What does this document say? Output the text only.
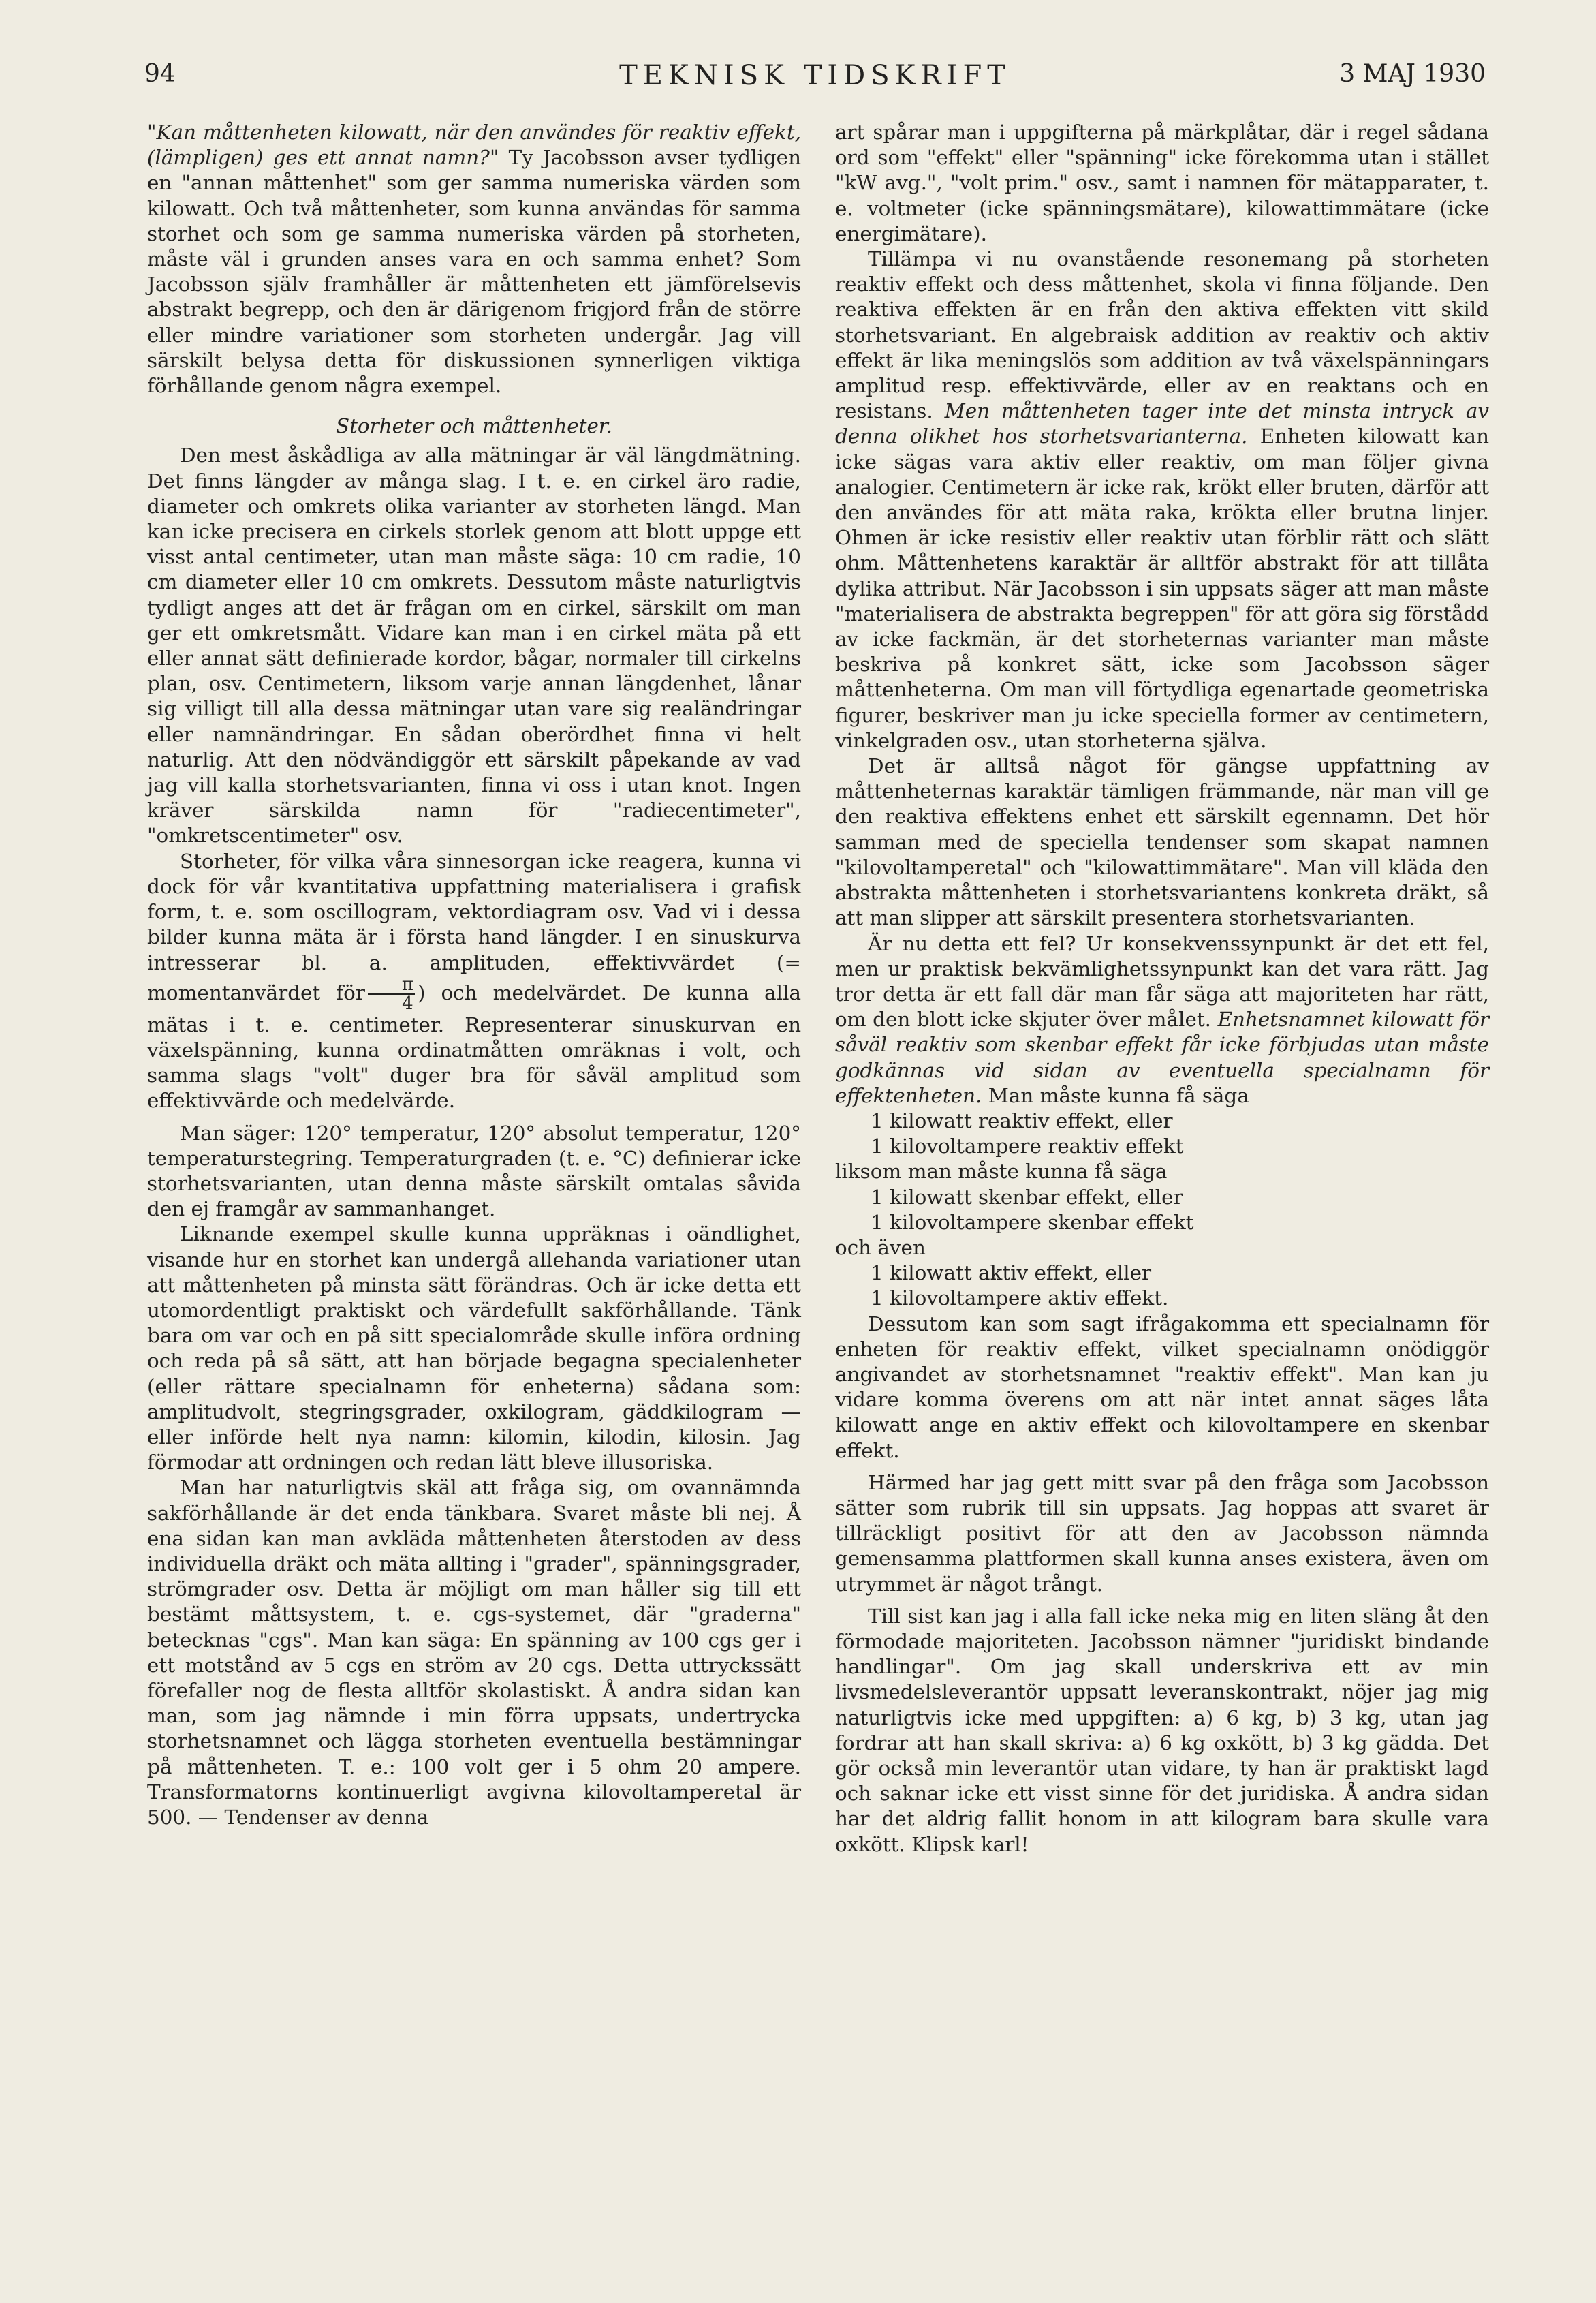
94	TEKNISK TIDSKRIFT	3 MAJ 1930

"Kan måttenheten kilowatt, när den användes för reaktiv effekt, (lämpligen) ges ett annat namn?" Ty Jacobsson avser tydligen en "annan måttenhet" som ger samma numeriska värden som kilowatt. Och två måttenheter, som kunna användas för samma storhet och som ge samma numeriska värden på storheten, måste väl i grunden anses vara en och samma enhet? Som Jacobsson själv framhåller är måttenheten ett jämförelsevis abstrakt begrepp, och den är därigenom frigjord från de större eller mindre variationer som storheten undergår. Jag vill särskilt belysa detta för diskussionen synnerligen viktiga förhållande genom några exempel.

Storheter och måttenheter.

Den mest åskådliga av alla mätningar är väl längdmätning. Det finns längder av många slag. I t. e. en cirkel äro radie, diameter och omkrets olika varianter av storheten längd. Man kan icke precisera en cirkels storlek genom att blott uppge ett visst antal centimeter, utan man måste säga: 10 cm radie, 10 cm diameter eller 10 cm omkrets. Dessutom måste naturligtvis tydligt anges att det är frågan om en cirkel, särskilt om man ger ett omkretsmått. Vidare kan man i en cirkel mäta på ett eller annat sätt definierade kordor, bågar, normaler till cirkelns plan, osv. Centimetern, liksom varje annan längdenhet, lånar sig villigt till alla dessa mätningar utan vare sig realändringar eller namnändringar. En sådan oberördhet finna vi helt naturlig. Att den nödvändiggör ett särskilt påpekande av vad jag vill kalla storhetsvarianten, finna vi oss i utan knot. Ingen kräver särskilda namn för "radiecentimeter", "omkretscentimeter" osv.

Storheter, för vilka våra sinnesorgan icke reagera, kunna vi dock för vår kvantitativa uppfattning materialisera i grafisk form, t. e. som oscillogram, vektordiagram osv. Vad vi i dessa bilder kunna mäta är i första hand längder. I en sinuskurva intresserar bl. a. amplituden, effektivvärdet (= momentanvärdet för $\frac{\pi}{4}$ ) och medelvärdet. De kunna alla mätas i t. e. centimeter. Representerar sinuskurvan en växelspänning, kunna ordinatmåtten omräknas i volt, och samma slags "volt" duger bra för såväl amplitud som effektivvärde och medelvärde.

Man säger: 120° temperatur, 120° absolut temperatur, 120° temperaturstegring. Temperaturgraden (t. e. °C) definierar icke storhetsvarianten, utan denna måste särskilt omtalas såvida den ej framgår av sammanhanget.

Liknande exempel skulle kunna uppräknas i oändlighet, visande hur en storhet kan undergå allehanda variationer utan att måttenheten på minsta sätt förändras. Och är icke detta ett utomordentligt praktiskt och värdefullt sakförhållande. Tänk bara om var och en på sitt specialområde skulle införa ordning och reda på så sätt, att han började begagna specialenheter (eller rättare specialnamn för enheterna) sådana som: amplitudvolt, stegringsgrader, oxkilogram, gäddkilogram — eller införde helt nya namn: kilomin, kilodin, kilosin. Jag förmodar att ordningen och redan lätt bleve illusoriska.

Man har naturligtvis skäl att fråga sig, om ovannämnda sakförhållande är det enda tänkbara. Svaret måste bli nej. Å ena sidan kan man avkläda måttenheten återstoden av dess individuella dräkt och mäta allting i "grader", spänningsgrader, strömgrader osv. Detta är möjligt om man håller sig till ett bestämt måttsystem, t. e. cgs-systemet, där "graderna" betecknas "cgs". Man kan säga: En spänning av 100 cgs ger i ett motstånd av 5 cgs en ström av 20 cgs. Detta uttryckssätt förefaller nog de flesta alltför skolastiskt. Å andra sidan kan man, som jag nämnde i min förra uppsats, undertrycka storhetsnamnet och lägga storheten eventuella bestämningar på måttenheten. T. e.: 100 volt ger i 5 ohm 20 ampere. Transformatorns kontinuerligt avgivna kilovoltamperetal är 500. — Tendenser av denna

art spårar man i uppgifterna på märkplåtar, där i regel sådana ord som "effekt" eller "spänning" icke förekomma utan i stället "kW avg.", "volt prim." osv., samt i namnen för mätapparater, t. e. voltmeter (icke spänningsmätare), kilowattimmätare (icke energimätare).

Tillämpa vi nu ovanstående resonemang på storheten reaktiv effekt och dess måttenhet, skola vi finna följande. Den reaktiva effekten är en från den aktiva effekten vitt skild storhetsvariant. En algebraisk addition av reaktiv och aktiv effekt är lika meningslös som addition av två växelspänningars amplitud resp. effektivvärde, eller av en reaktans och en resistans. Men måttenheten tager inte det minsta intryck av denna olikhet hos storhetsvarianterna. Enheten kilowatt kan icke sägas vara aktiv eller reaktiv, om man följer givna analogier. Centimetern är icke rak, krökt eller bruten, därför att den användes för att mäta raka, krökta eller brutna linjer. Ohmen är icke resistiv eller reaktiv utan förblir rätt och slätt ohm. Måttenhetens karaktär är alltför abstrakt för att tillåta dylika attribut. När Jacobsson i sin uppsats säger att man måste "materialisera de abstrakta begreppen" för att göra sig förstådd av icke fackmän, är det storheternas varianter man måste beskriva på konkret sätt, icke som Jacobsson säger måttenheterna. Om man vill förtydliga egenartade geometriska figurer, beskriver man ju icke speciella former av centimetern, vinkelgraden osv., utan storheterna själva.

Det är alltså något för gängse uppfattning av måttenheternas karaktär tämligen främmande, när man vill ge den reaktiva effektens enhet ett särskilt egennamn. Det hör samman med de speciella tendenser som skapat namnen "kilovoltamperetal" och "kilowattimmätare". Man vill kläda den abstrakta måttenheten i storhetsvariantens konkreta dräkt, så att man slipper att särskilt presentera storhetsvarianten.

Är nu detta ett fel? Ur konsekvenssynpunkt är det ett fel, men ur praktisk bekvämlighetssynpunkt kan det vara rätt. Jag tror detta är ett fall där man får säga att majoriteten har rätt, om den blott icke skjuter över målet. Enhetsnamnet kilowatt för såväl reaktiv som skenbar effekt får icke förbjudas utan måste godkännas vid sidan av eventuella specialnamn för effektenheten. Man måste kunna få säga

1 kilowatt reaktiv effekt, eller

1 kilovoltampere reaktiv effekt

liksom man måste kunna få säga

1 kilowatt skenbar effekt, eller

1 kilovoltampere skenbar effekt

och även

1 kilowatt aktiv effekt, eller

1 kilovoltampere aktiv effekt.

Dessutom kan som sagt ifrågakomma ett specialnamn för enheten för reaktiv effekt, vilket specialnamn onödiggör angivandet av storhetsnamnet "reaktiv effekt". Man kan ju vidare komma överens om att när intet annat säges låta kilowatt ange en aktiv effekt och kilovoltampere en skenbar effekt.

Härmed har jag gett mitt svar på den fråga som Jacobsson sätter som rubrik till sin uppsats. Jag hoppas att svaret är tillräckligt positivt för att den av Jacobsson nämnda gemensamma plattformen skall kunna anses existera, även om utrymmet är något trångt.

Till sist kan jag i alla fall icke neka mig en liten släng åt den förmodade majoriteten. Jacobsson nämner "juridiskt bindande handlingar". Om jag skall underskriva ett av min livsmedelsleverantör uppsatt leveranskontrakt, nöjer jag mig naturligtvis icke med uppgiften: a) 6 kg, b) 3 kg, utan jag fordrar att han skall skriva: a) 6 kg oxkött, b) 3 kg gädda. Det gör också min leverantör utan vidare, ty han är praktiskt lagd och saknar icke ett visst sinne för det juridiska. Å andra sidan har det aldrig fallit honom in att kilogram bara skulle vara oxkött. Klipsk karl!
